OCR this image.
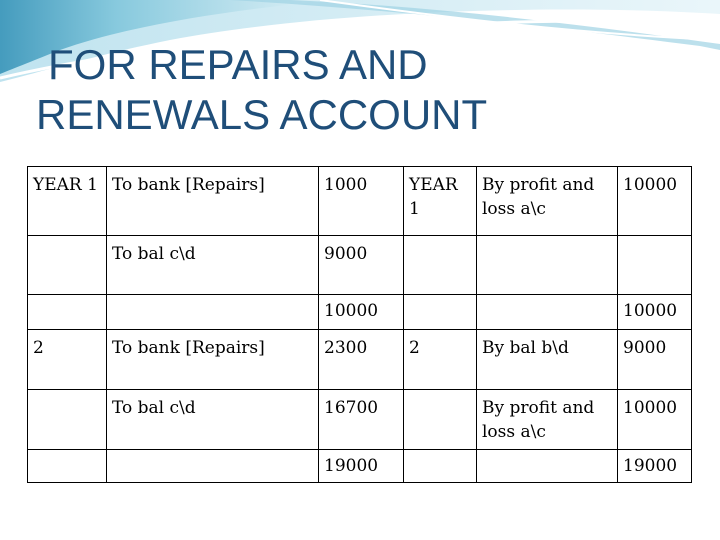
FOR REPAIRS AND
RENEWALS ACCOUNT
YEAR 1	To bank [Repairs]	1000	YEAR 1	By profit and loss a\c	10000
	To bal c\d	9000			
		10000			10000
2	To bank [Repairs]	2300	2	By bal b\d	9000
	To bal c\d	16700		By profit and loss a\c	10000
		19000			19000
